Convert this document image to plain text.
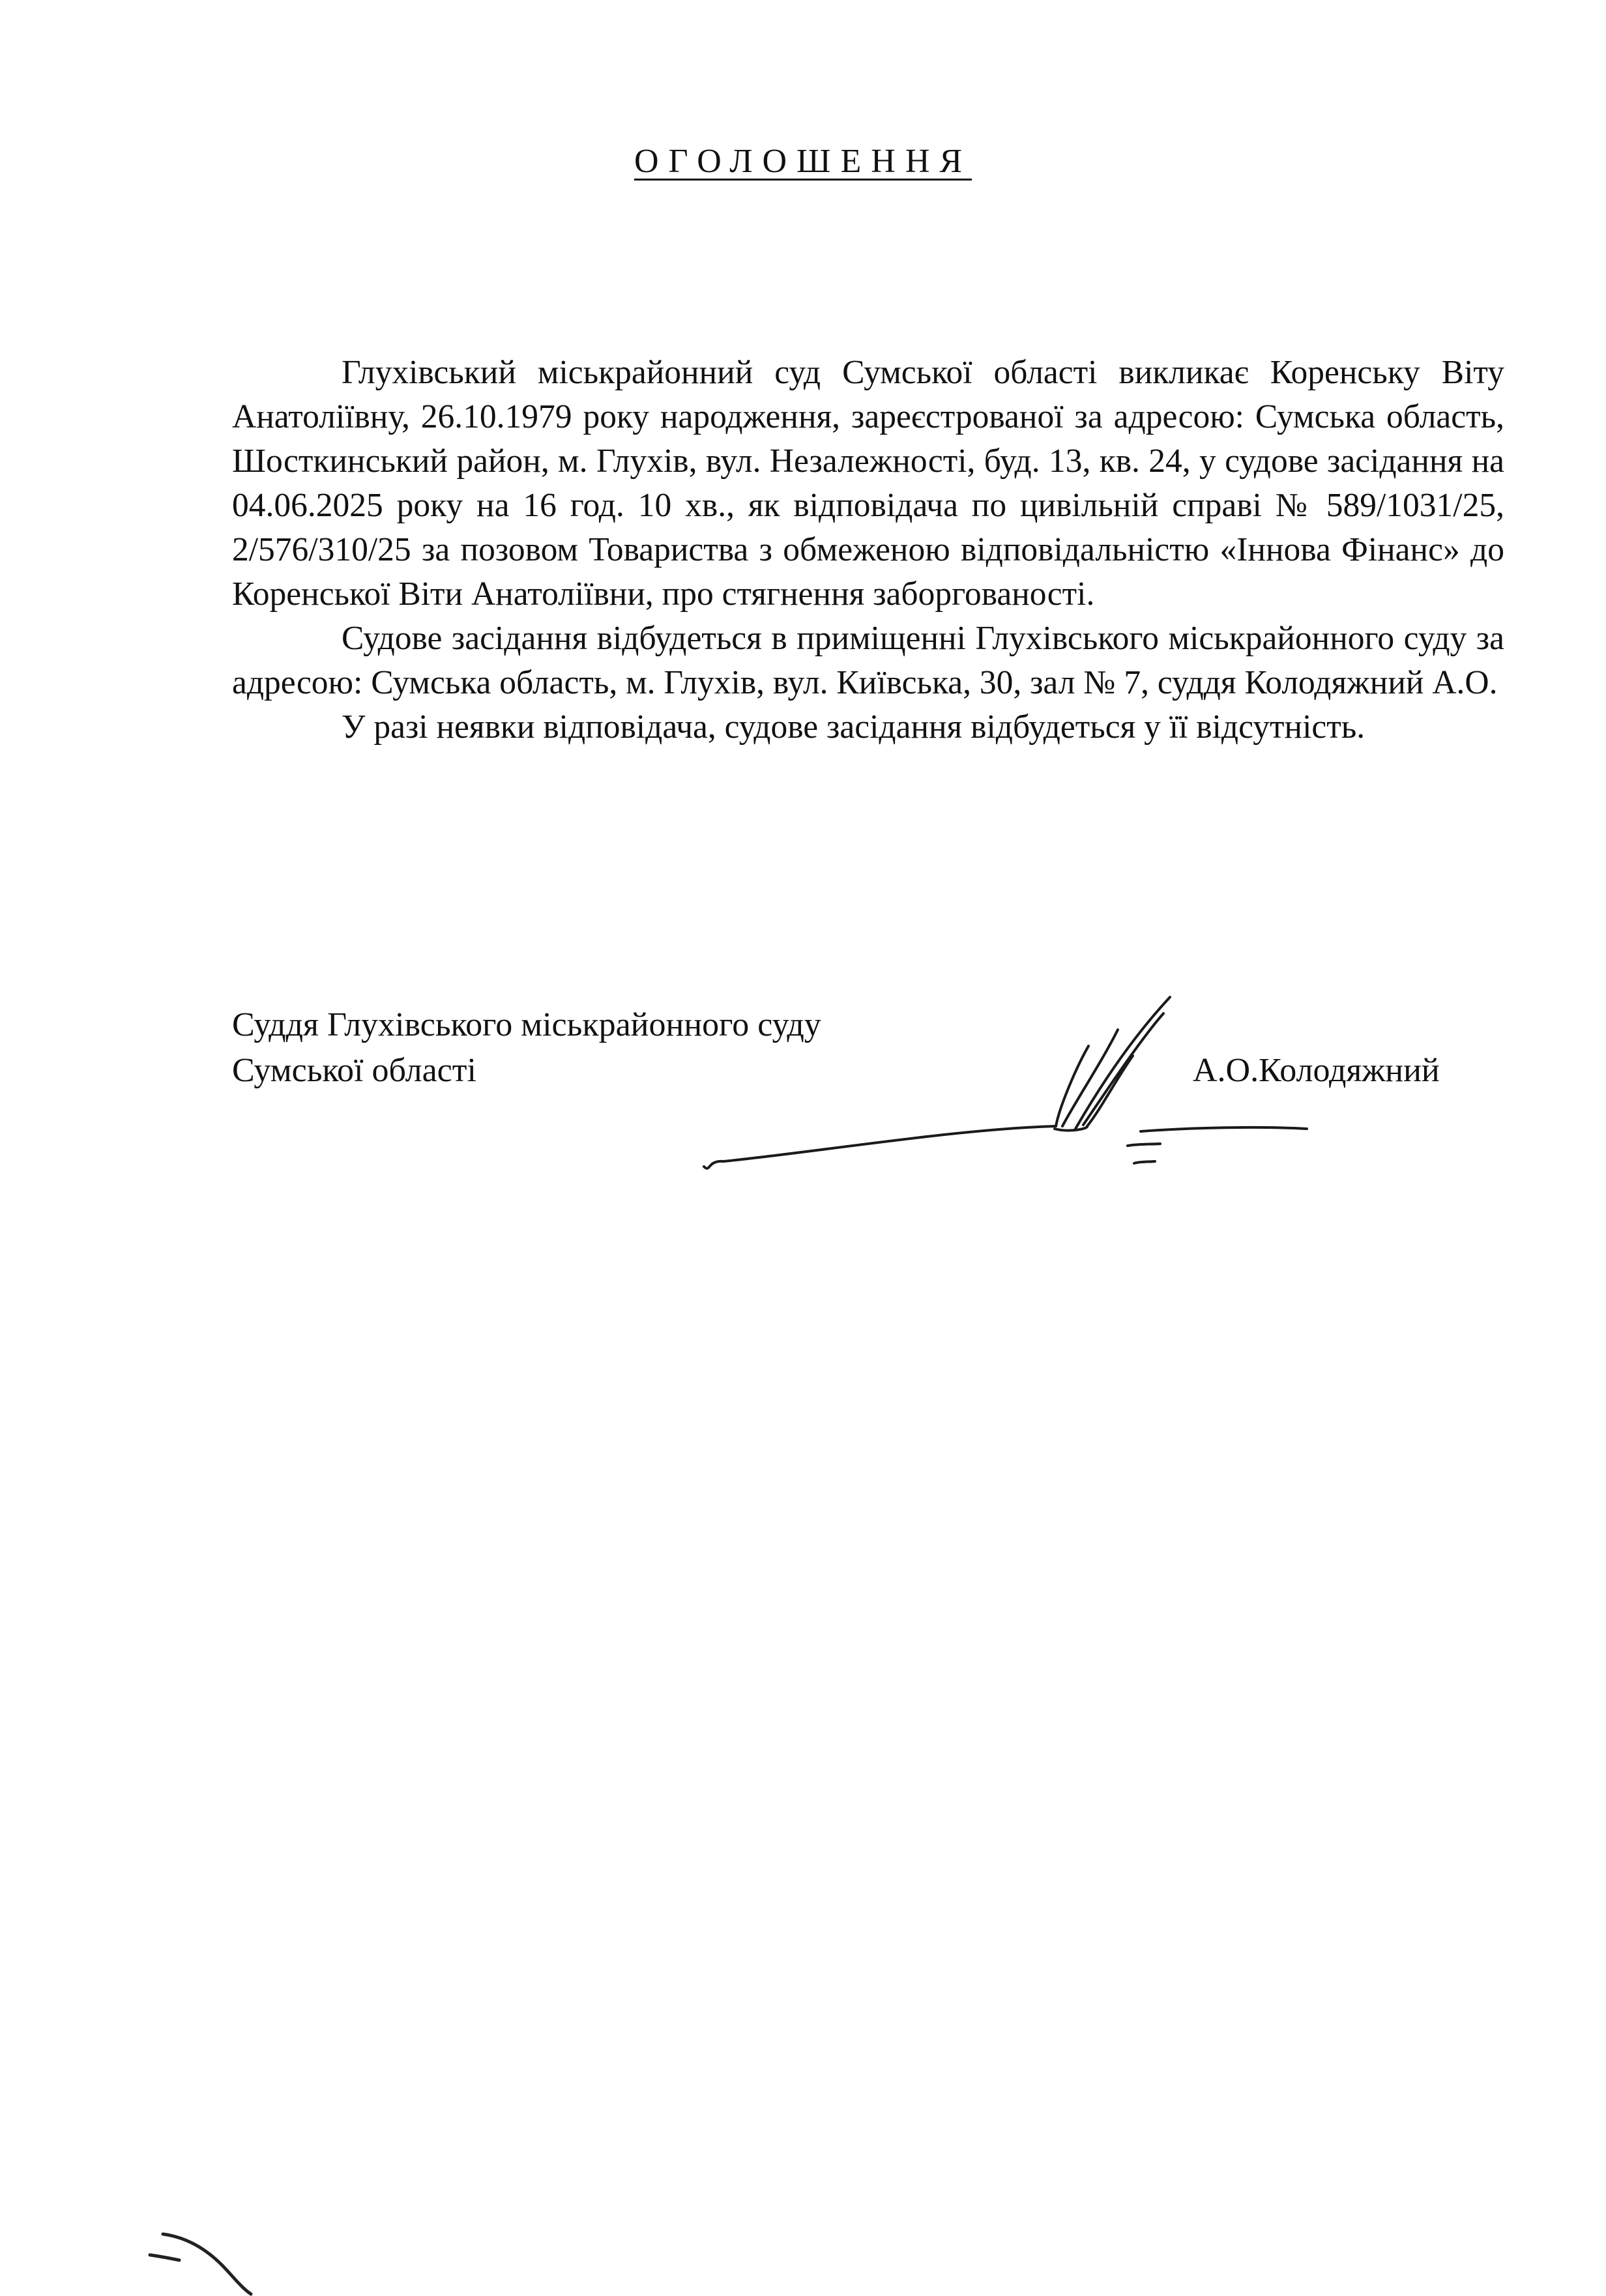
ОГОЛОШЕННЯ

Глухівський міськрайонний суд Сумської області викликає Коренську Віту Анатоліївну, 26.10.1979 року народження, зареєстрованої за адресою: Сумська область, Шосткинський район, м. Глухів, вул. Незалежності, буд. 13, кв. 24, у судове засідання на 04.06.2025 року на 16 год. 10 хв., як відповідача по цивільній справі № 589/1031/25, 2/576/310/25 за позовом Товариства з обмеженою відповідальністю «Іннова Фінанс» до Коренської Віти Анатоліївни, про стягнення заборгованості.

Судове засідання відбудеться в приміщенні Глухівського міськрайонного суду за адресою: Сумська область, м. Глухів, вул. Київська, 30, зал № 7, суддя Колодяжний А.О.

У разі неявки відповідача, судове засідання відбудеться у її відсутність.

Суддя Глухівського міськрайонного суду
Сумської області	А.О.Колодяжний
